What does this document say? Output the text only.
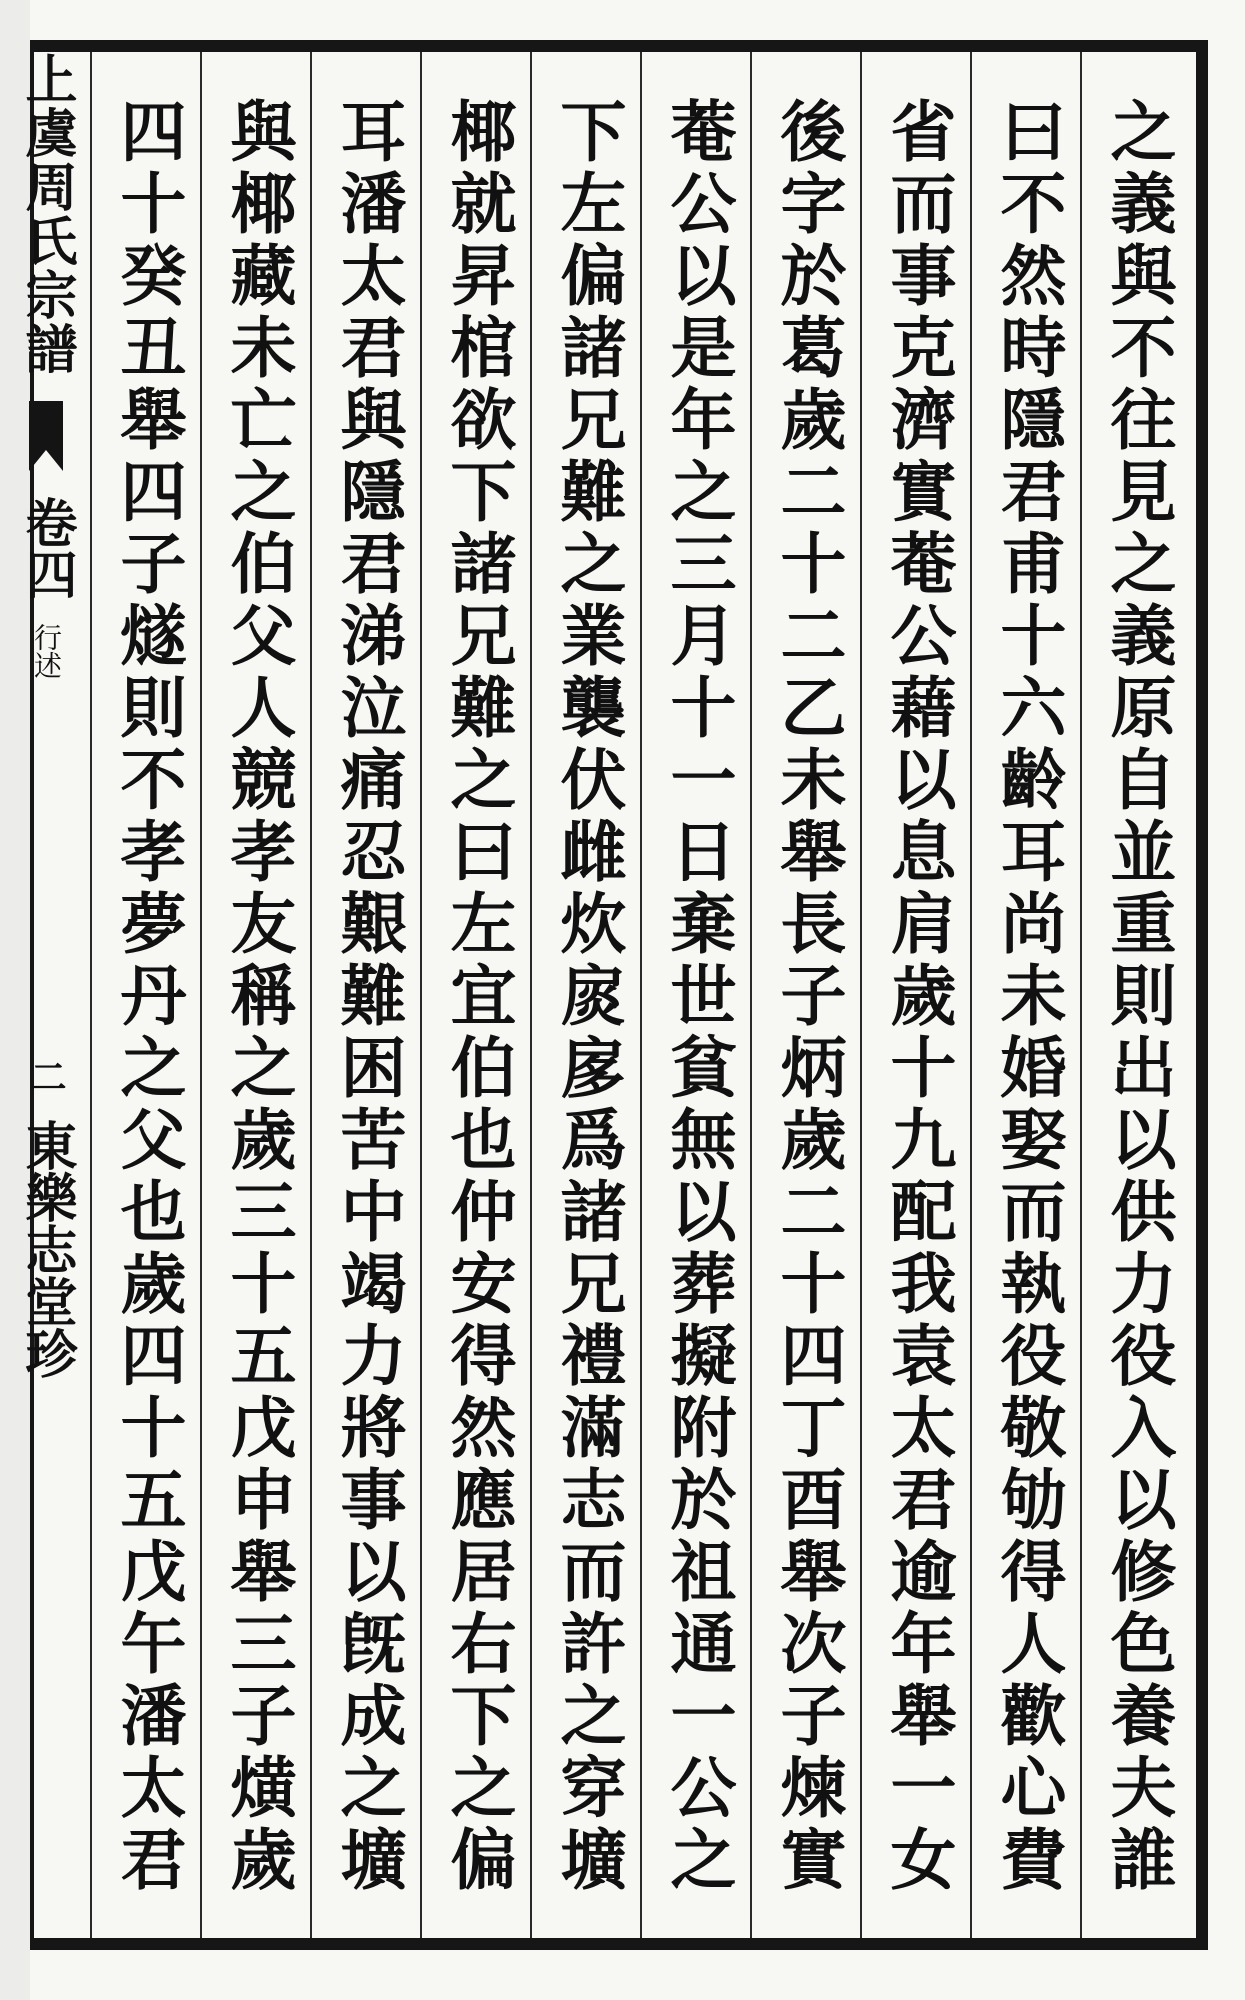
上虞周氏宗譜  卷四 行述 二 東樂志堂珍	之義與不往見之義原自並重則出以供力役入以修色養夫誰
曰不然時隱君甫十六齡耳尚未婚娶而執役敬劬得人歡心費
省而事克濟實菴公藉以息肩歲十九配我袁太君逾年舉一女
後字於葛歲二十二乙未舉長子炳歲二十四丁酉舉次子煉實
菴公以是年之三月十一日棄世貧無以葬擬附於祖通一公之
下左偏諸兄難之業襲伏雌炊扊扅爲諸兄禮滿志而許之穿壙
椰就昇棺欲下諸兄難之曰左宜伯也仲安得然應居右下之偏
耳潘太君與隱君涕泣痛忍艱難困苦中竭力將事以旣成之壙
與椰藏未亡之伯父人競孝友稱之歲三十五戊申舉三子熿歲
四十癸丑舉四子燧則不孝夢丹之父也歲四十五戊午潘太君
